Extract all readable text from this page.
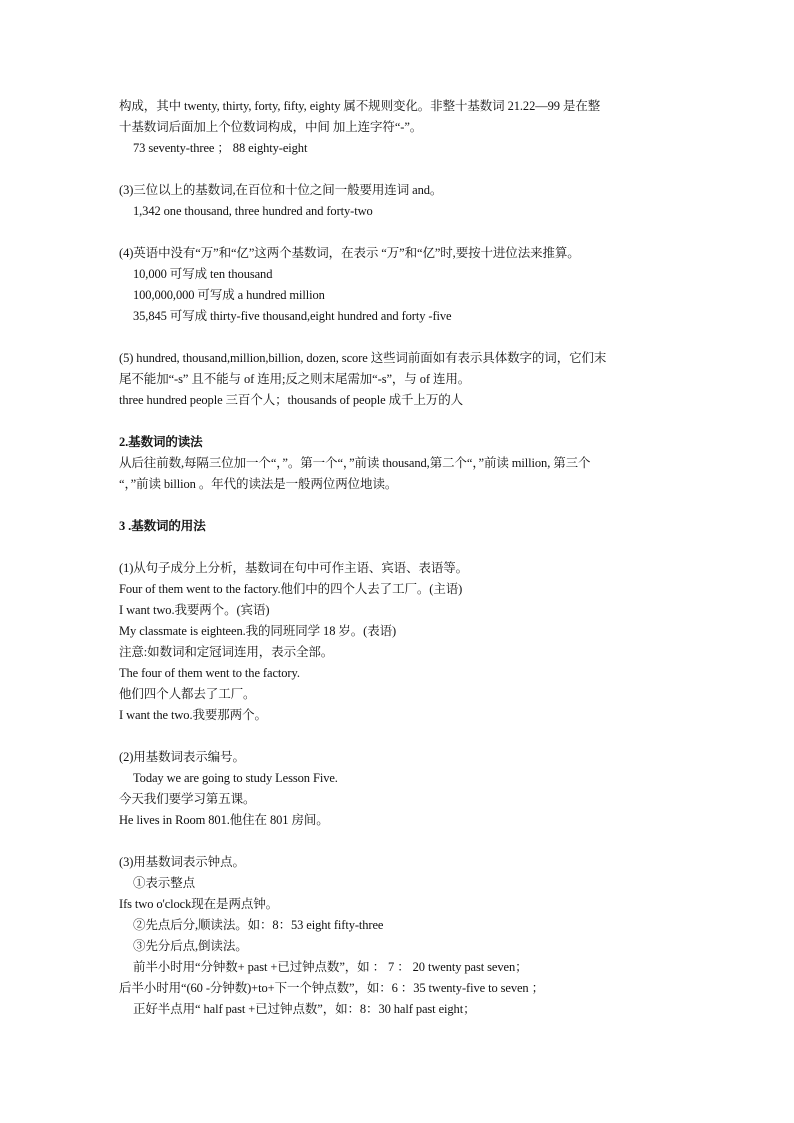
构成，其中 twenty, thirty, forty, fifty, eighty 属不规则变化。非整十基数词 21.22—99 是在整
十基数词后面加上个位数词构成，中间 加上连字符“-”。
73 seventy-three ； 88 eighty-eight
(3)三位以上的基数词,在百位和十位之间一般要用连词 and。
1,342 one thousand, three hundred and forty-two
(4)英语中没有“万”和“亿”这两个基数词，在表示 “万”和“亿”时,要按十进位法来推算。
10,000 可写成 ten thousand
100,000,000 可写成 a hundred million
35,845 可写成 thirty-five thousand,eight hundred and forty -five
(5) hundred, thousand,million,billion, dozen, score 这些词前面如有表示具体数字的词，它们末
尾不能加“-s” 且不能与 of 连用;反之则末尾需加“-s”，与 of 连用。
three hundred people 三百个人；thousands of people 成千上万的人
2.基数词的读法
从后往前数,每隔三位加一个“，”。第一个“，”前读 thousand,第二个“，”前读 million, 第三个
“，”前读 billion 。年代的读法是一般两位两位地读。
3 .基数词的用法
(1)从句子成分上分析，基数词在句中可作主语、宾语、表语等。
Four of them went to the factory.他们中的四个人去了工厂。(主语)
I want two.我要两个。(宾语)
My classmate is eighteen.我的同班同学 18 岁。(表语)
注意:如数词和定冠词连用，表示全部。
The four of them went to the factory.
他们四个人都去了工厂。
I want the two.我要那两个。
(2)用基数词表示编号。
Today we are going to study Lesson Five.
今天我们要学习第五课。
He lives in Room 801.他住在 801 房间。
(3)用基数词表示钟点。
①表示整点
Ifs two o'clock现在是两点钟。
②先点后分,顺读法。如：8：53 eight fifty-three
③先分后点,倒读法。
前半小时用“分钟数+ past +已过钟点数”，如 ： 7 ： 20 twenty past seven；
后半小时用“(60 -分钟数)+to+下一个钟点数”，如：6 ：35 twenty-five to seven ；
正好半点用“ half past +已过钟点数”，如：8：30 half past eight；
